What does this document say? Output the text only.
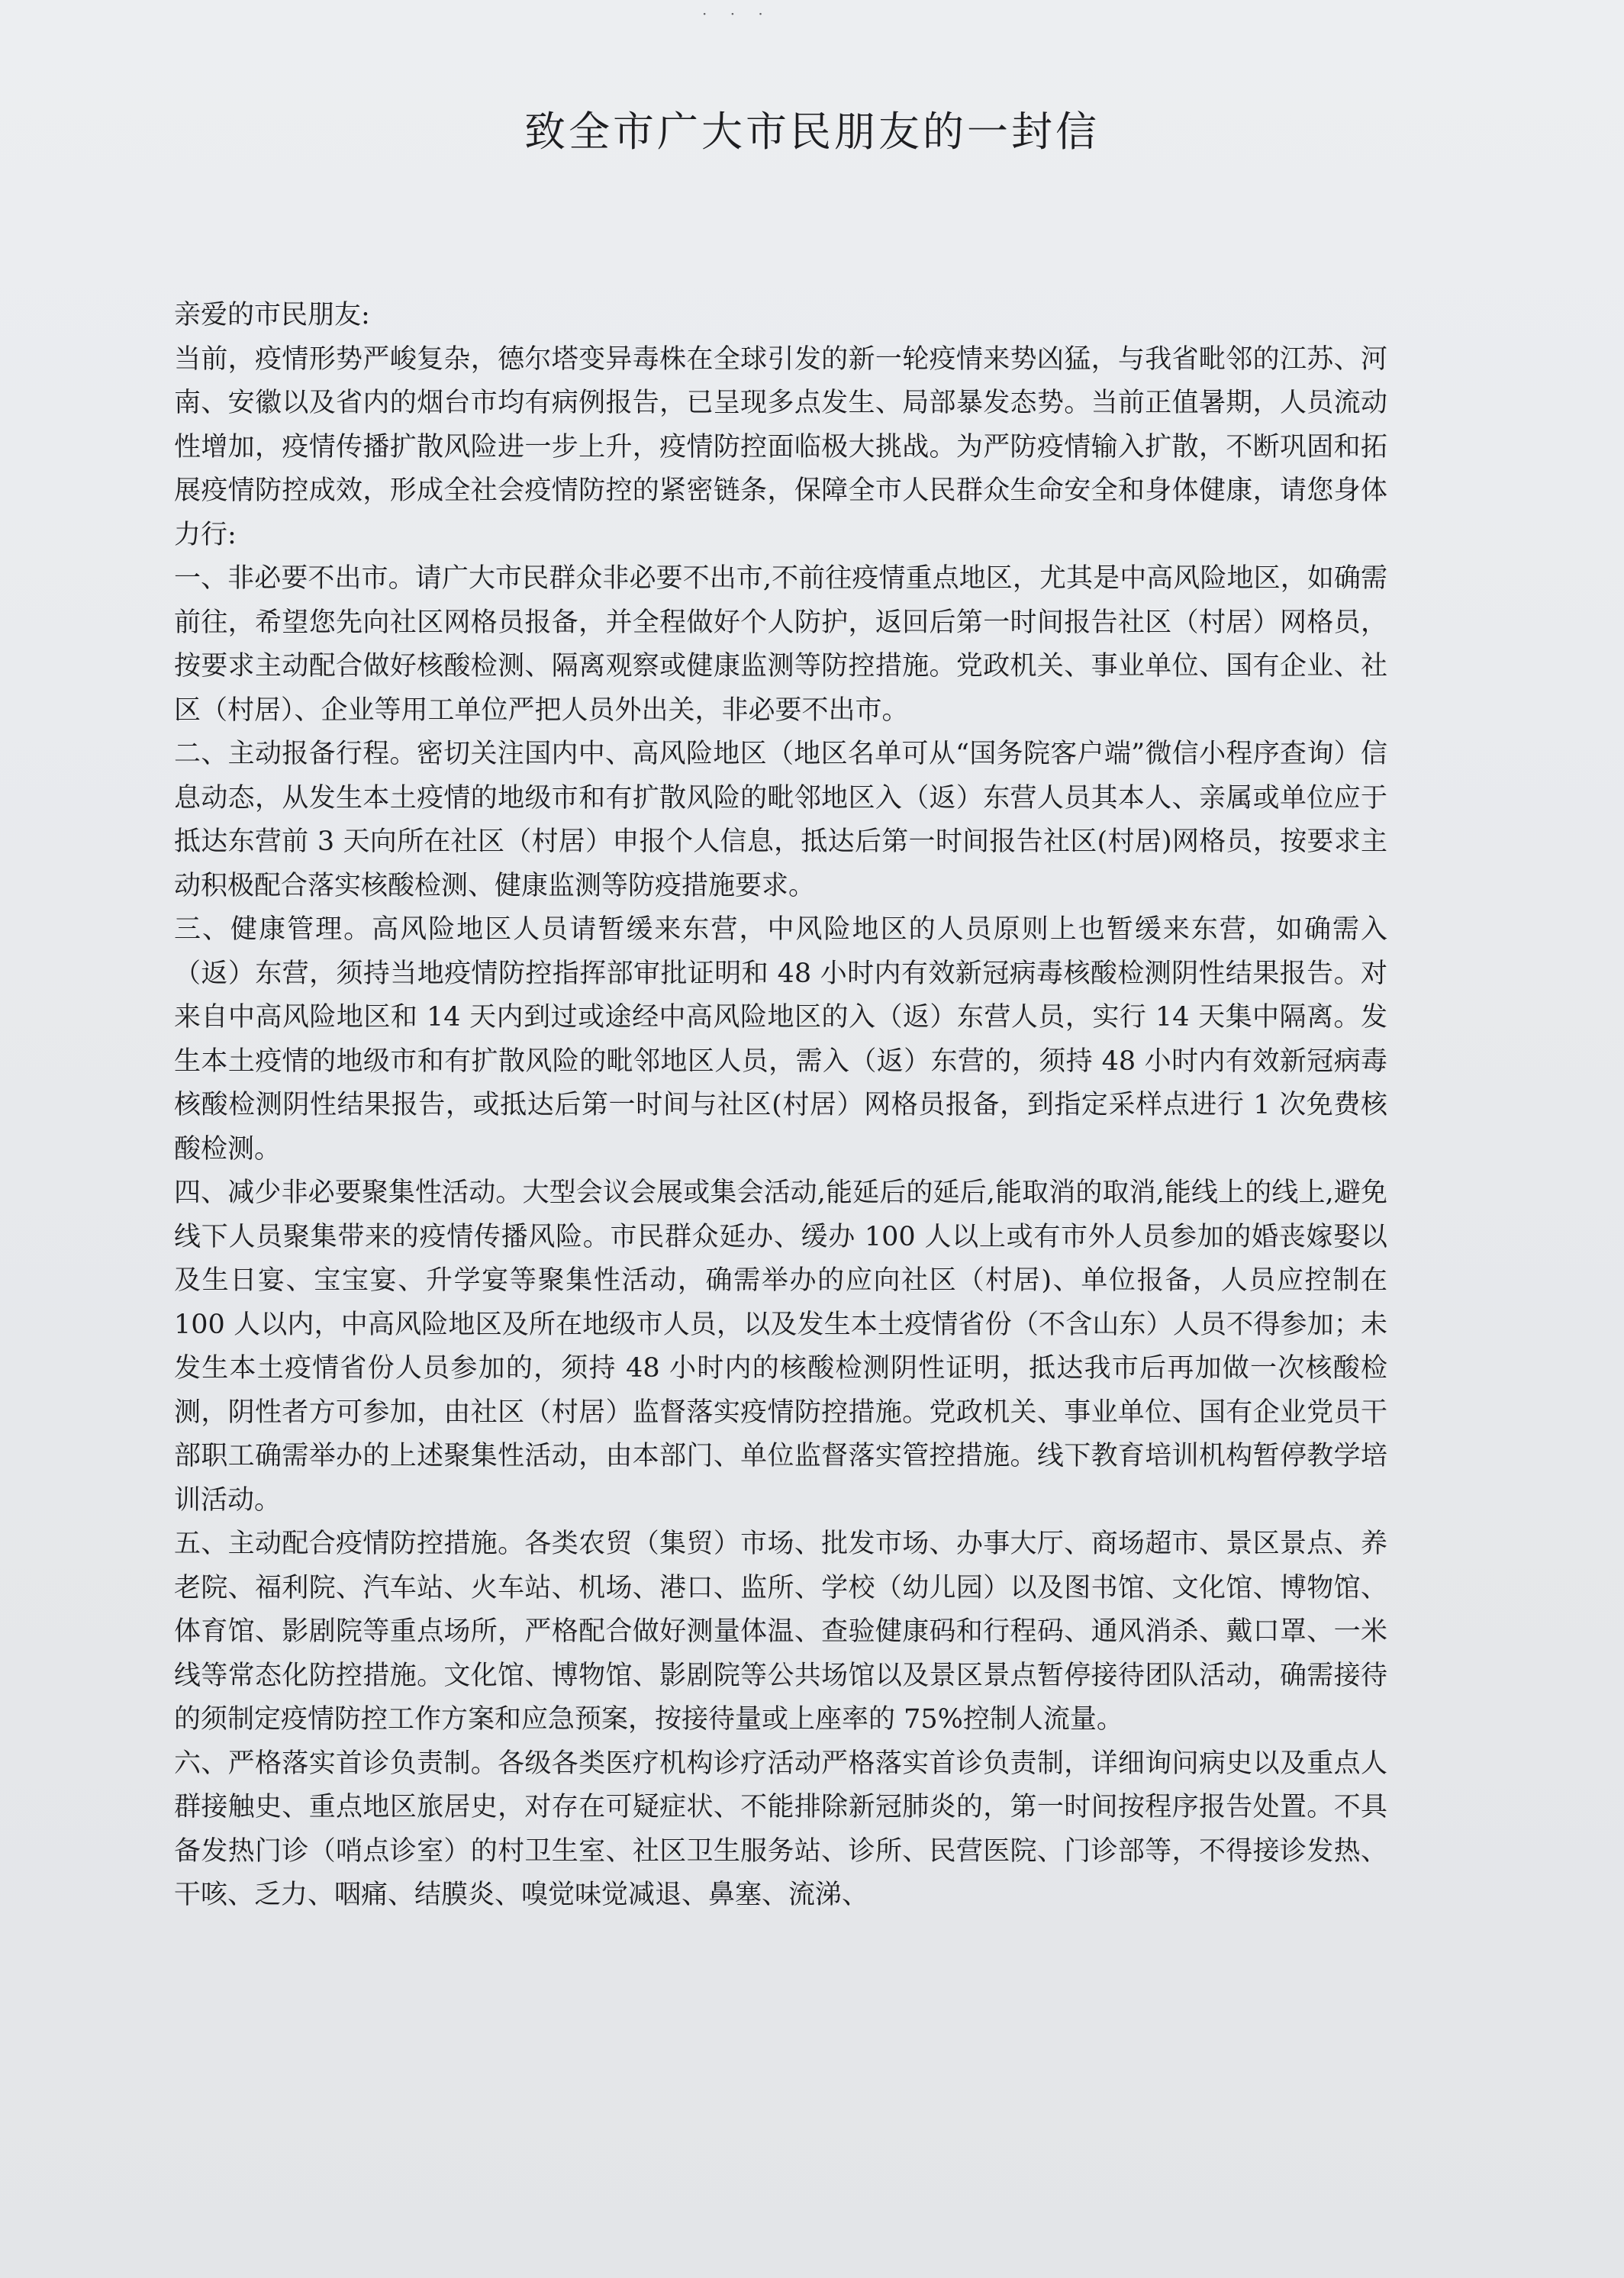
· · ·
致全市广大市民朋友的一封信

亲爱的市民朋友:

当前，疫情形势严峻复杂，德尔塔变异毒株在全球引发的新一轮疫情来势凶猛，与我省毗邻的江苏、河南、安徽以及省内的烟台市均有病例报告，已呈现多点发生、局部暴发态势。当前正值暑期，人员流动性增加，疫情传播扩散风险进一步上升，疫情防控面临极大挑战。为严防疫情输入扩散，不断巩固和拓展疫情防控成效，形成全社会疫情防控的紧密链条，保障全市人民群众生命安全和身体健康，请您身体力行:

一、非必要不出市。请广大市民群众非必要不出市,不前往疫情重点地区，尤其是中高风险地区，如确需前往，希望您先向社区网格员报备，并全程做好个人防护，返回后第一时间报告社区（村居）网格员，按要求主动配合做好核酸检测、隔离观察或健康监测等防控措施。党政机关、事业单位、国有企业、社区（村居）、企业等用工单位严把人员外出关，非必要不出市。

二、主动报备行程。密切关注国内中、高风险地区（地区名单可从“国务院客户端”微信小程序查询）信息动态，从发生本土疫情的地级市和有扩散风险的毗邻地区入（返）东营人员其本人、亲属或单位应于抵达东营前 3 天向所在社区（村居）申报个人信息，抵达后第一时间报告社区(村居)网格员，按要求主动积极配合落实核酸检测、健康监测等防疫措施要求。

三、健康管理。高风险地区人员请暂缓来东营，中风险地区的人员原则上也暂缓来东营，如确需入（返）东营，须持当地疫情防控指挥部审批证明和 48 小时内有效新冠病毒核酸检测阴性结果报告。对来自中高风险地区和 14 天内到过或途经中高风险地区的入（返）东营人员，实行 14 天集中隔离。发生本土疫情的地级市和有扩散风险的毗邻地区人员，需入（返）东营的，须持 48 小时内有效新冠病毒核酸检测阴性结果报告，或抵达后第一时间与社区(村居）网格员报备，到指定采样点进行 1 次免费核酸检测。

四、减少非必要聚集性活动。大型会议会展或集会活动,能延后的延后,能取消的取消,能线上的线上,避免线下人员聚集带来的疫情传播风险。市民群众延办、缓办 100 人以上或有市外人员参加的婚丧嫁娶以及生日宴、宝宝宴、升学宴等聚集性活动，确需举办的应向社区（村居)、单位报备，人员应控制在 100 人以内，中高风险地区及所在地级市人员，以及发生本土疫情省份（不含山东）人员不得参加；未发生本土疫情省份人员参加的，须持 48 小时内的核酸检测阴性证明，抵达我市后再加做一次核酸检测，阴性者方可参加，由社区（村居）监督落实疫情防控措施。党政机关、事业单位、国有企业党员干部职工确需举办的上述聚集性活动，由本部门、单位监督落实管控措施。线下教育培训机构暂停教学培训活动。

五、主动配合疫情防控措施。各类农贸（集贸）市场、批发市场、办事大厅、商场超市、景区景点、养老院、福利院、汽车站、火车站、机场、港口、监所、学校（幼儿园）以及图书馆、文化馆、博物馆、体育馆、影剧院等重点场所，严格配合做好测量体温、查验健康码和行程码、通风消杀、戴口罩、一米线等常态化防控措施。文化馆、博物馆、影剧院等公共场馆以及景区景点暂停接待团队活动，确需接待的须制定疫情防控工作方案和应急预案，按接待量或上座率的 75%控制人流量。

六、严格落实首诊负责制。各级各类医疗机构诊疗活动严格落实首诊负责制，详细询问病史以及重点人群接触史、重点地区旅居史，对存在可疑症状、不能排除新冠肺炎的，第一时间按程序报告处置。不具备发热门诊（哨点诊室）的村卫生室、社区卫生服务站、诊所、民营医院、门诊部等，不得接诊发热、干咳、乏力、咽痛、结膜炎、嗅觉味觉减退、鼻塞、流涕、
